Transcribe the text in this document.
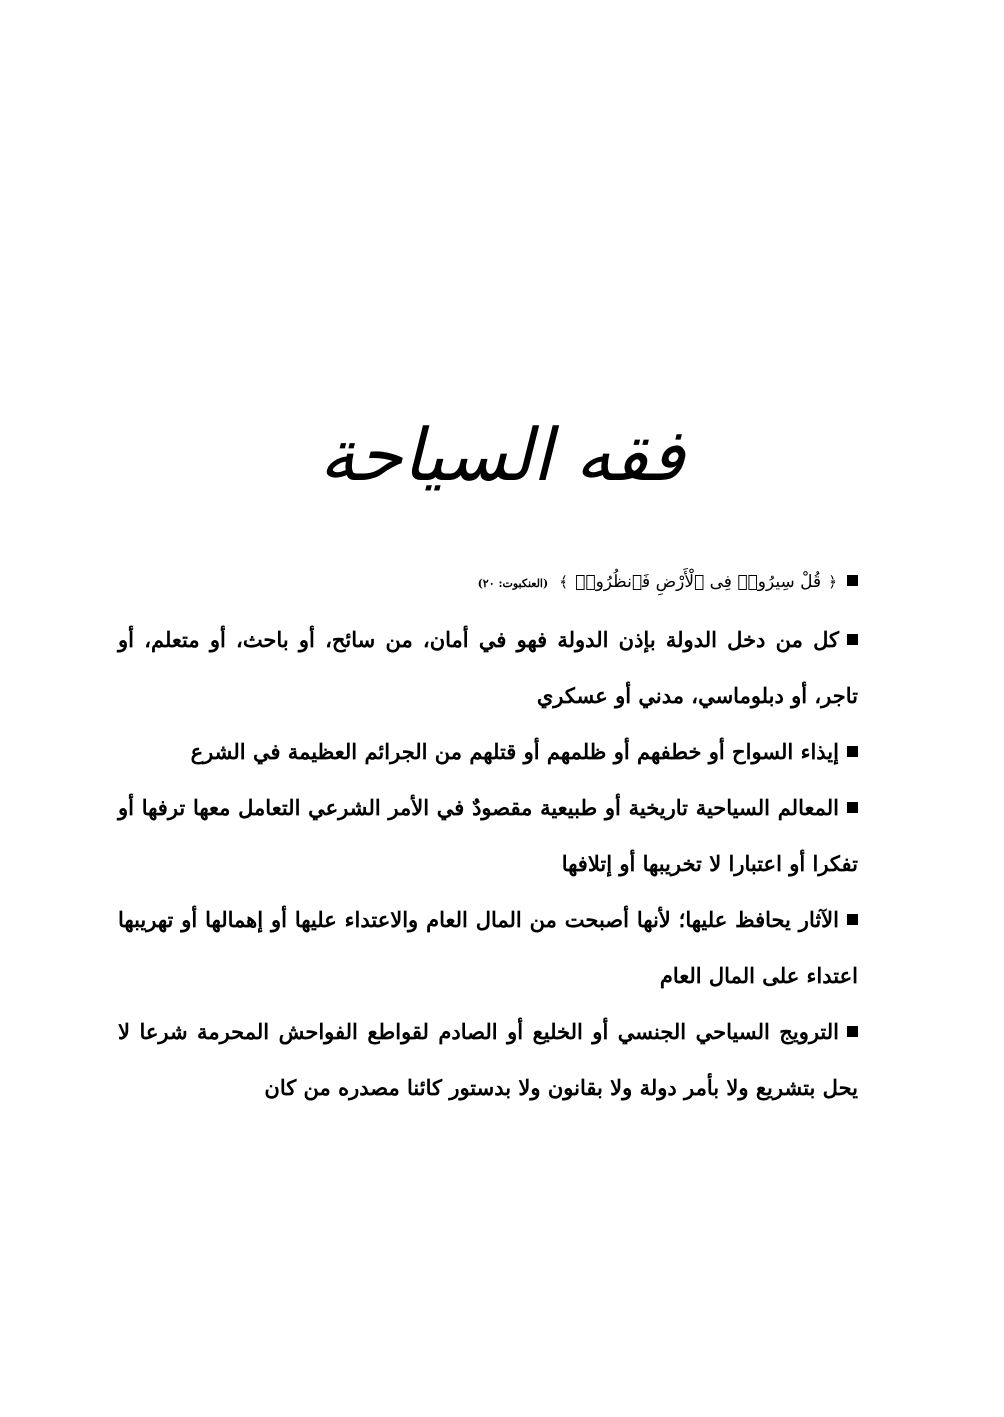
فقه السياحة
﴿ قُلْ سِيرُوا۟ فِى ٱلْأَرْضِ فَٱنظُرُوا۟ ﴾ (العنكبوت: ٢٠)

كل من دخل الدولة بإذن الدولة فهو في أمان، من سائح، أو باحث، أو متعلم، أو تاجر، أو دبلوماسي، مدني أو عسكري

إيذاء السواح أو خطفهم أو ظلمهم أو قتلهم من الجرائم العظيمة في الشرع

المعالم السياحية تاريخية أو طبيعية مقصودٌ في الأمر الشرعي التعامل معها ترفها أو تفكرا أو اعتبارا لا تخريبها أو إتلافها

الآثار يحافظ عليها؛ لأنها أصبحت من المال العام والاعتداء عليها أو إهمالها أو تهريبها اعتداء على المال العام

الترويج السياحي الجنسي أو الخليع أو الصادم لقواطع الفواحش المحرمة شرعا لا يحل بتشريع ولا بأمر دولة ولا بقانون ولا بدستور كائنا مصدره من كان
